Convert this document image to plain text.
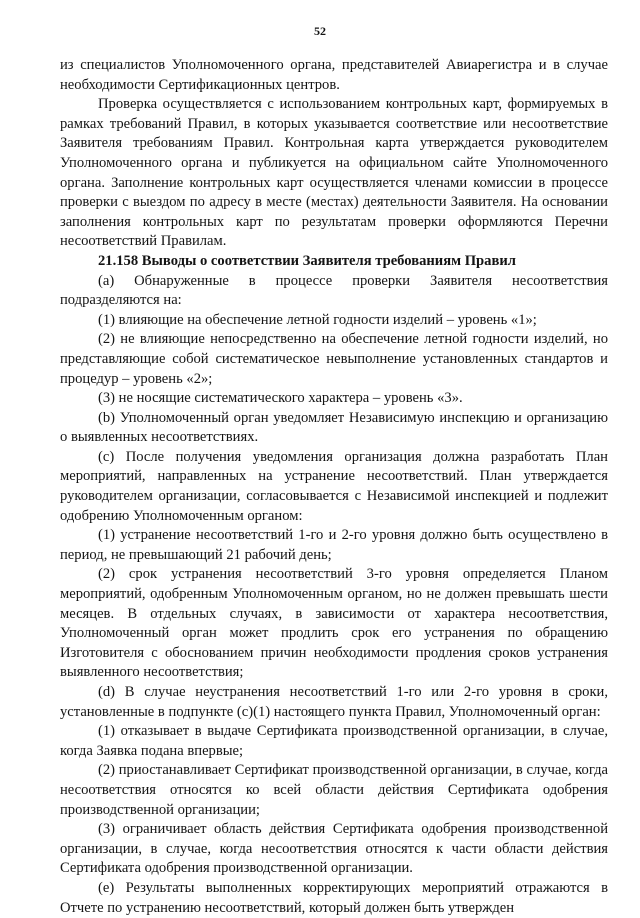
52

из специалистов Уполномоченного органа, представителей Авиарегистра и в случае необходимости Сертификационных центров.

Проверка осуществляется с использованием контрольных карт, формируемых в рамках требований Правил, в которых указывается соответствие или несоответствие Заявителя требованиям Правил. Контрольная карта утверждается руководителем Уполномоченного органа и публикуется на официальном сайте Уполномоченного органа. Заполнение контрольных карт осуществляется членами комиссии в процессе проверки с выездом по адресу в месте (местах) деятельности Заявителя. На основании заполнения контрольных карт по результатам проверки оформляются Перечни несоответствий Правилам.

21.158 Выводы о соответствии Заявителя требованиям Правил

(a) Обнаруженные в процессе проверки Заявителя несоответствия подразделяются на:

(1) влияющие на обеспечение летной годности изделий – уровень «1»;

(2) не влияющие непосредственно на обеспечение летной годности изделий, но представляющие собой систематическое невыполнение установленных стандартов и процедур – уровень «2»;

(3) не носящие систематического характера – уровень «3».

(b) Уполномоченный орган уведомляет Независимую инспекцию и организацию о выявленных несоответствиях.

(c) После получения уведомления организация должна разработать План мероприятий, направленных на устранение несоответствий. План утверждается руководителем организации, согласовывается с Независимой инспекцией и подлежит одобрению Уполномоченным органом:

(1) устранение несоответствий 1-го и 2-го уровня должно быть осуществлено в период, не превышающий 21 рабочий день;

(2) срок устранения несоответствий 3-го уровня определяется Планом мероприятий, одобренным Уполномоченным органом, но не должен превышать шести месяцев. В отдельных случаях, в зависимости от характера несоответствия, Уполномоченный орган может продлить срок его устранения по обращению Изготовителя с обоснованием причин необходимости продления сроков устранения выявленного несоответствия;

(d) В случае неустранения несоответствий 1-го или 2-го уровня в сроки, установленные в подпункте (c)(1) настоящего пункта Правил, Уполномоченный орган:

(1) отказывает в выдаче Сертификата производственной организации, в случае, когда Заявка подана впервые;

(2) приостанавливает Сертификат производственной организации, в случае, когда несоответствия относятся ко всей области действия Сертификата одобрения производственной организации;

(3) ограничивает область действия Сертификата одобрения производственной организации, в случае, когда несоответствия относятся к части области действия Сертификата одобрения производственной организации.

(e) Результаты выполненных корректирующих мероприятий отражаются в Отчете по устранению несоответствий, который должен быть утвержден
